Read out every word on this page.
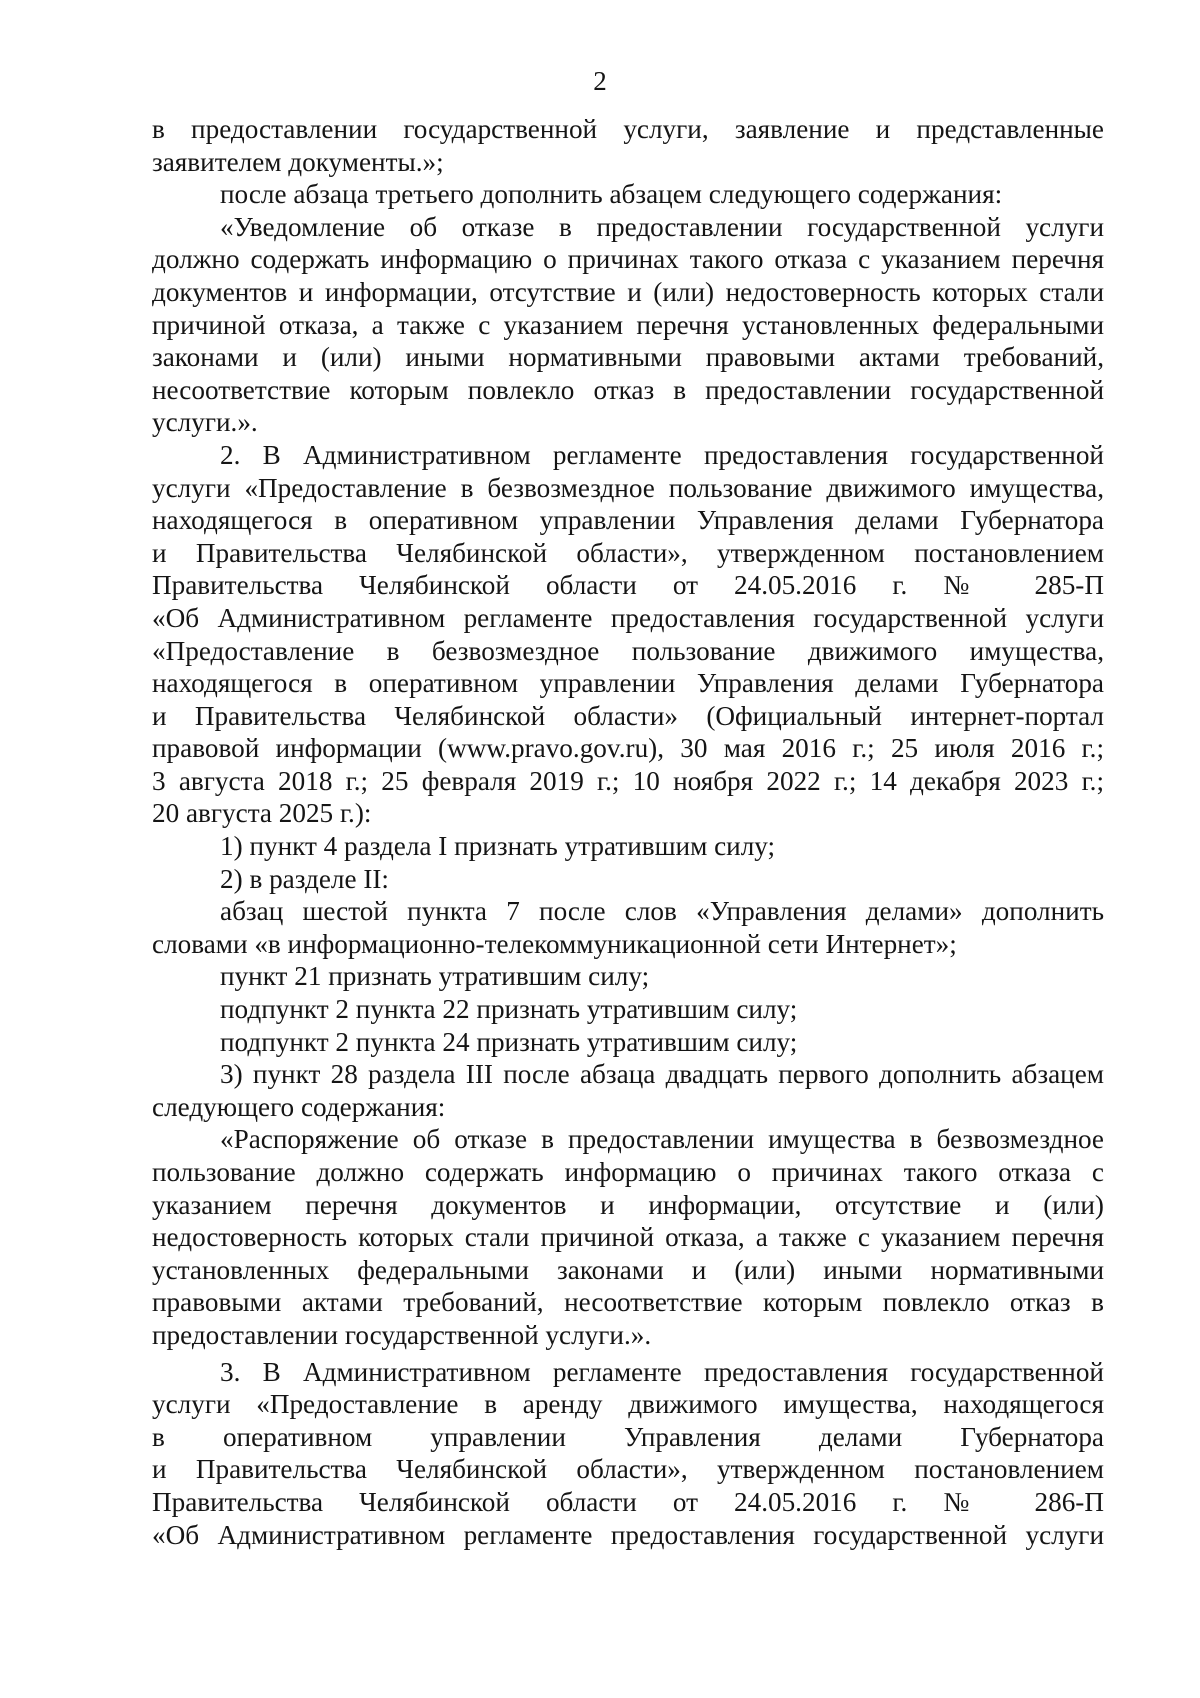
2
в предоставлении государственной услуги, заявление и представленные
заявителем документы.»;
после абзаца третьего дополнить абзацем следующего содержания:
«Уведомление об отказе в предоставлении государственной услуги
должно содержать информацию о причинах такого отказа с указанием перечня
документов и информации, отсутствие и (или) недостоверность которых стали
причиной отказа, а также с указанием перечня установленных федеральными
законами и (или) иными нормативными правовыми актами требований,
несоответствие которым повлекло отказ в предоставлении государственной
услуги.».
2. В Административном регламенте предоставления государственной
услуги «Предоставление в безвозмездное пользование движимого имущества,
находящегося в оперативном управлении Управления делами Губернатора
и Правительства Челябинской области», утвержденном постановлением
Правительства Челябинской области от 24.05.2016 г. № 285-П
«Об Административном регламенте предоставления государственной услуги
«Предоставление в безвозмездное пользование движимого имущества,
находящегося в оперативном управлении Управления делами Губернатора
и Правительства Челябинской области» (Официальный интернет-портал
правовой информации (www.pravo.gov.ru), 30 мая 2016 г.; 25 июля 2016 г.;
3 августа 2018 г.; 25 февраля 2019 г.; 10 ноября 2022 г.; 14 декабря 2023 г.;
20 августа 2025 г.):
1) пункт 4 раздела I признать утратившим силу;
2) в разделе II:
абзац шестой пункта 7 после слов «Управления делами» дополнить
словами «в информационно-телекоммуникационной сети Интернет»;
пункт 21 признать утратившим силу;
подпункт 2 пункта 22 признать утратившим силу;
подпункт 2 пункта 24 признать утратившим силу;
3) пункт 28 раздела III после абзаца двадцать первого дополнить абзацем
следующего содержания:
«Распоряжение об отказе в предоставлении имущества в безвозмездное
пользование должно содержать информацию о причинах такого отказа с
указанием перечня документов и информации, отсутствие и (или)
недостоверность которых стали причиной отказа, а также с указанием перечня
установленных федеральными законами и (или) иными нормативными
правовыми актами требований, несоответствие которым повлекло отказ в
предоставлении государственной услуги.».
3. В Административном регламенте предоставления государственной
услуги «Предоставление в аренду движимого имущества, находящегося
в оперативном управлении Управления делами Губернатора
и Правительства Челябинской области», утвержденном постановлением
Правительства Челябинской области от 24.05.2016 г. № 286-П
«Об Административном регламенте предоставления государственной услуги
